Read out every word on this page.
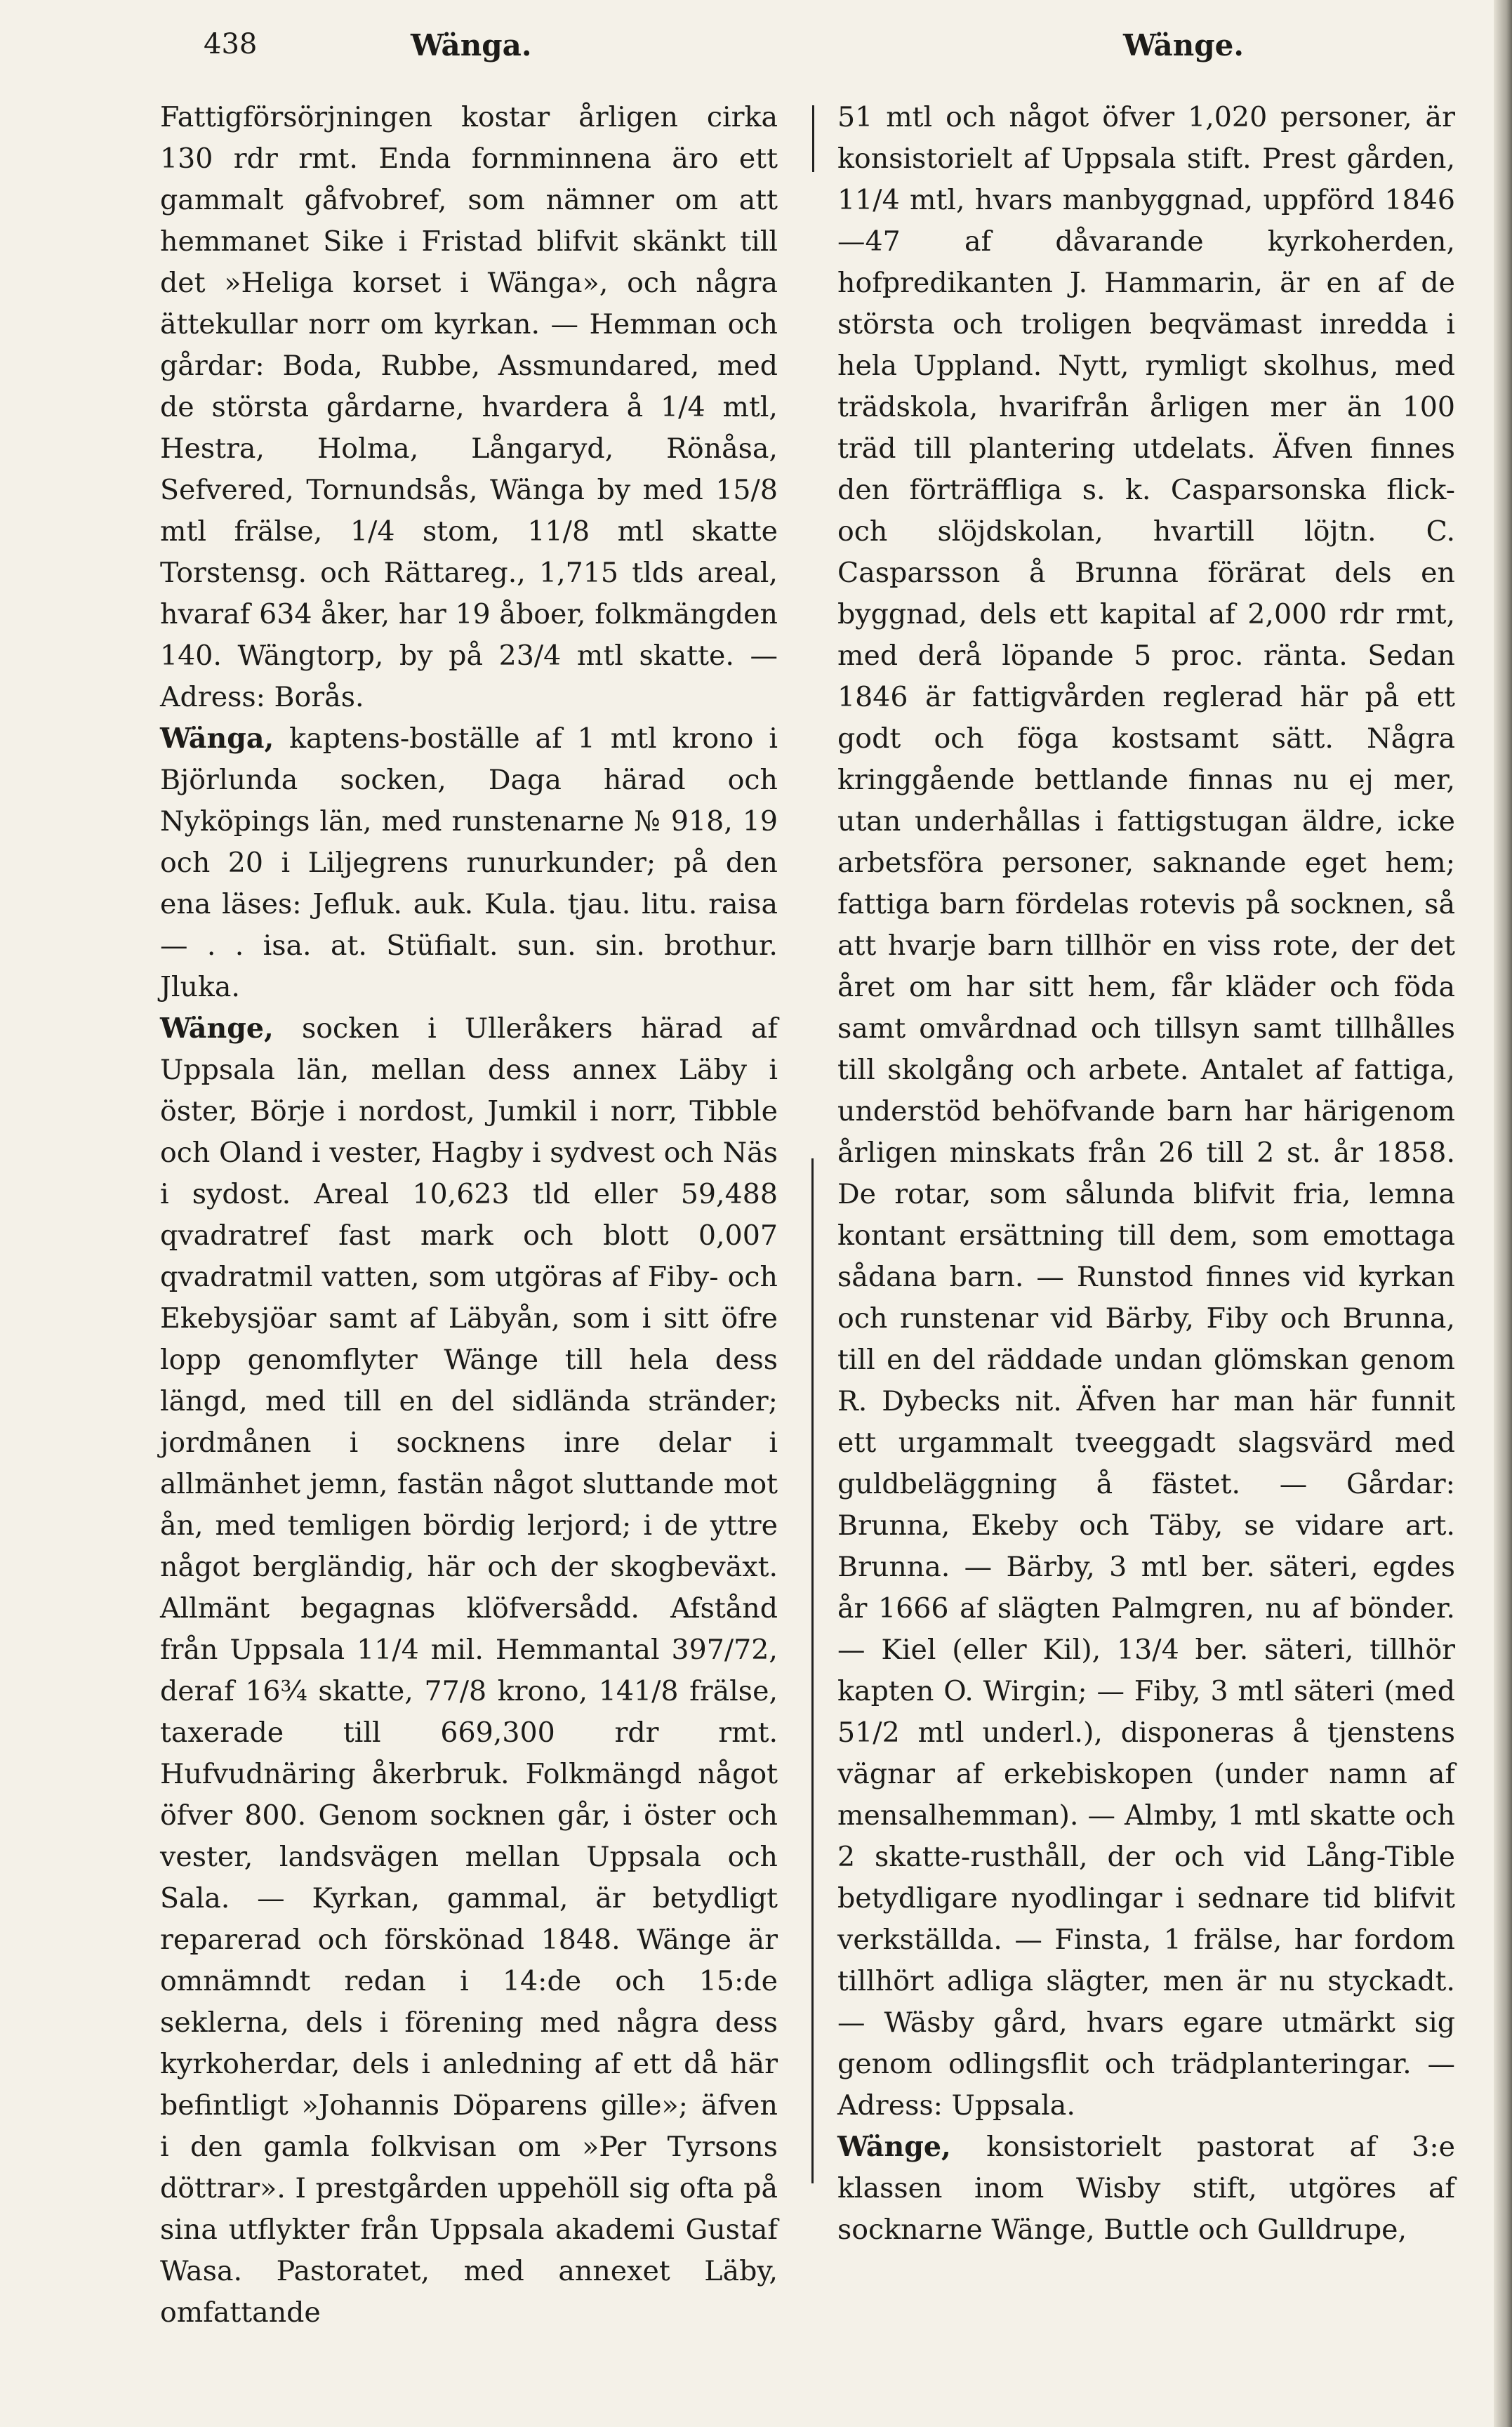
438	Wänga.	Wänge.

Fattigförsörjningen kostar årligen cirka 130 rdr rmt. Enda fornminnena äro ett gammalt gåfvobref, som nämner om att hemmanet Sike i Fristad blifvit skänkt till det »Heliga korset i Wänga», och några ättekullar norr om kyrkan. — Hemman och gårdar: Boda, Rubbe, Assmundared, med de största gårdarne, hvardera å 1/4 mtl, Hestra, Holma, Långaryd, Rönåsa, Sefvered, Tornundsås, Wänga by med 15/8 mtl frälse, 1/4 stom, 11/8 mtl skatte Torstensg. och Rättareg., 1,715 tlds areal, hvaraf 634 åker, har 19 åboer, folkmängden 140. Wängtorp, by på 23/4 mtl skatte. — Adress: Borås.

Wänga, kaptens-boställe af 1 mtl krono i Björlunda socken, Daga härad och Nyköpings län, med runstenarne № 918, 19 och 20 i Liljegrens runurkunder; på den ena läses: Jefluk. auk. Kula. tjau. litu. raisa — . . isa. at. Stüfialt. sun. sin. brothur. Jluka.

Wänge, socken i Ulleråkers härad af Uppsala län, mellan dess annex Läby i öster, Börje i nordost, Jumkil i norr, Tibble och Oland i vester, Hagby i sydvest och Näs i sydost. Areal 10,623 tld eller 59,488 qvadratref fast mark och blott 0,007 qvadratmil vatten, som utgöras af Fiby- och Ekebysjöar samt af Läbyån, som i sitt öfre lopp genomflyter Wänge till hela dess längd, med till en del sidlända stränder; jordmånen i socknens inre delar i allmänhet jemn, fastän något sluttande mot ån, med temligen bördig lerjord; i de yttre något bergländig, här och der skogbeväxt. Allmänt begagnas klöfversådd. Afstånd från Uppsala 11/4 mil. Hemmantal 397/72, deraf 16¾ skatte, 77/8 krono, 141/8 frälse, taxerade till 669,300 rdr rmt. Hufvudnäring åkerbruk. Folkmängd något öfver 800. Genom socknen går, i öster och vester, landsvägen mellan Uppsala och Sala. — Kyrkan, gammal, är betydligt reparerad och förskönad 1848. Wänge är omnämndt redan i 14:de och 15:de seklerna, dels i förening med några dess kyrkoherdar, dels i anledning af ett då här befintligt »Johannis Döparens gille»; äfven i den gamla folkvisan om »Per Tyrsons döttrar». I prestgården uppehöll sig ofta på sina utflykter från Uppsala akademi Gustaf Wasa. Pastoratet, med annexet Läby, omfattande

51 mtl och något öfver 1,020 personer, är konsistorielt af Uppsala stift. Prest gården, 11/4 mtl, hvars manbyggnad, uppförd 1846—47 af dåvarande kyrkoherden, hofpredikanten J. Hammarin, är en af de största och troligen beqvämast inredda i hela Uppland. Nytt, rymligt skolhus, med trädskola, hvarifrån årligen mer än 100 träd till plantering utdelats. Äfven finnes den förträffliga s. k. Casparsonska flick- och slöjdskolan, hvartill löjtn. C. Casparsson å Brunna förärat dels en byggnad, dels ett kapital af 2,000 rdr rmt, med derå löpande 5 proc. ränta. Sedan 1846 är fattigvården reglerad här på ett godt och föga kostsamt sätt. Några kringgående bettlande finnas nu ej mer, utan underhållas i fattigstugan äldre, icke arbetsföra personer, saknande eget hem; fattiga barn fördelas rotevis på socknen, så att hvarje barn tillhör en viss rote, der det året om har sitt hem, får kläder och föda samt omvårdnad och tillsyn samt tillhålles till skolgång och arbete. Antalet af fattiga, understöd behöfvande barn har härigenom årligen minskats från 26 till 2 st. år 1858. De rotar, som sålunda blifvit fria, lemna kontant ersättning till dem, som emottaga sådana barn. — Runstod finnes vid kyrkan och runstenar vid Bärby, Fiby och Brunna, till en del räddade undan glömskan genom R. Dybecks nit. Äfven har man här funnit ett urgammalt tveeggadt slagsvärd med guldbeläggning å fästet. — Gårdar: Brunna, Ekeby och Täby, se vidare art. Brunna. — Bärby, 3 mtl ber. säteri, egdes år 1666 af slägten Palmgren, nu af bönder. — Kiel (eller Kil), 13/4 ber. säteri, tillhör kapten O. Wirgin; — Fiby, 3 mtl säteri (med 51/2 mtl underl.), disponeras å tjenstens vägnar af erkebiskopen (under namn af mensalhemman). — Almby, 1 mtl skatte och 2 skatte-rusthåll, der och vid Lång-Tible betydligare nyodlingar i sednare tid blifvit verkställda. — Finsta, 1 frälse, har fordom tillhört adliga slägter, men är nu styckadt. — Wäsby gård, hvars egare utmärkt sig genom odlingsflit och trädplanteringar. — Adress: Uppsala.

Wänge, konsistorielt pastorat af 3:e klassen inom Wisby stift, utgöres af socknarne Wänge, Buttle och Gulldrupe,
